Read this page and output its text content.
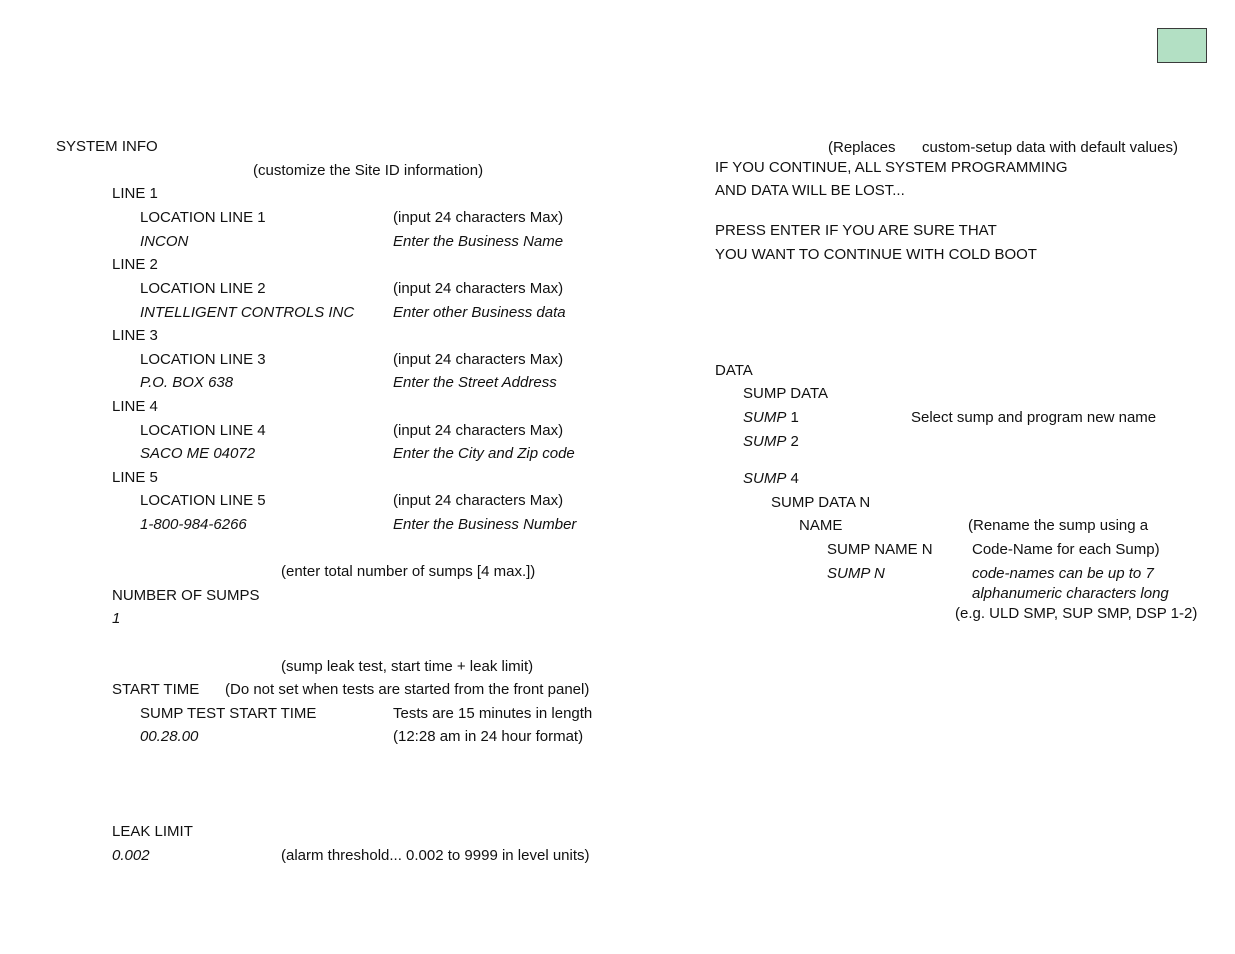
SYSTEM INFO
(customize the Site ID information)
LINE 1
LOCATION LINE 1	(input 24 characters Max)
INCON	Enter the Business Name
LINE 2
LOCATION LINE 2	(input 24 characters Max)
INTELLIGENT CONTROLS INC	Enter other Business data
LINE 3
LOCATION LINE 3	(input 24 characters Max)
P.O. BOX 638	Enter the Street Address
LINE 4
LOCATION LINE 4	(input 24 characters Max)
SACO ME 04072	Enter the City and Zip code
LINE 5
LOCATION LINE 5	(input 24 characters Max)
1-800-984-6266	Enter the Business Number
(enter total number of sumps [4 max.])
NUMBER OF SUMPS
1
(sump leak test, start time + leak limit)
START TIME (Do not set when tests are started from the front panel)
SUMP TEST START TIME	Tests are 15 minutes in length
00.28.00	(12:28 am in 24 hour format)
LEAK LIMIT
0.002	(alarm threshold... 0.002 to 9999 in level units)
(Replaces custom-setup data with default values)
IF YOU CONTINUE, ALL SYSTEM PROGRAMMING
AND DATA WILL BE LOST...
PRESS ENTER IF YOU ARE SURE THAT
YOU WANT TO CONTINUE WITH COLD BOOT
DATA
SUMP DATA
SUMP 1	Select sump and program new name
SUMP 2
SUMP 4
SUMP DATA N
NAME	(Rename the sump using a
SUMP NAME N	Code-Name for each Sump)
SUMP N	code-names can be up to 7
alphanumeric characters long
(e.g. ULD SMP, SUP SMP, DSP 1-2)
